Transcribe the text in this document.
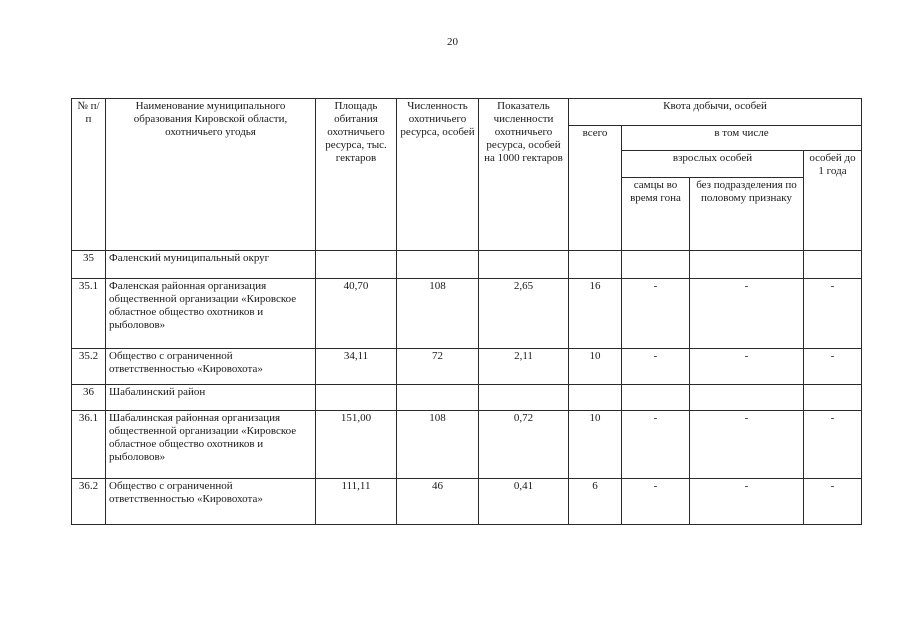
20
№ п/п	Наименование муниципального образования Кировской области, охотничьего угодья	Площадь обитания охотничьего ресурса, тыс. гектаров	Численность охотничьего ресурса, особей	Показатель численности охотничьего ресурса, особей на 1000 гектаров	Квота добычи, особей			
					всего	в том числе		
						взрослых особей		особей до 1 года
						самцы во время гона	без подразделения по половому признаку	
35	Фаленский муниципальный округ							
35.1	Фаленская районная организация общественной организации «Кировское областное общество охотников и рыболовов»	40,70	108	2,65	16	-	-	-
35.2	Общество с ограниченной ответственностью «Кировохота»	34,11	72	2,11	10	-	-	-
36	Шабалинский район							
36.1	Шабалинская районная организация общественной организации «Кировское областное общество охотников и рыболовов»	151,00	108	0,72	10	-	-	-
36.2	Общество с ограниченной ответственностью «Кировохота»	111,11	46	0,41	6	-	-	-
